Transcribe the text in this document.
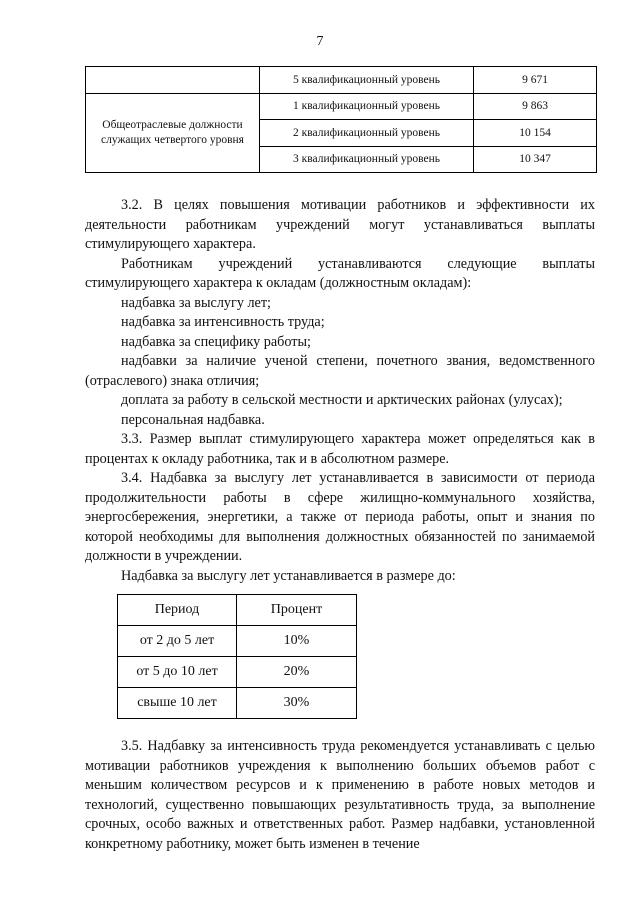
7
	5 квалификационный уровень	9 671
Общеотраслевые должности служащих четвертого уровня	1 квалификационный уровень	9 863
	2 квалификационный уровень	10 154
	3 квалификационный уровень	10 347

3.2. В целях повышения мотивации работников и эффективности их деятельности работникам учреждений могут устанавливаться выплаты стимулирующего характера.

Работникам учреждений устанавливаются следующие выплаты стимулирующего характера к окладам (должностным окладам):

надбавка за выслугу лет;

надбавка за интенсивность труда;

надбавка за специфику работы;

надбавки за наличие ученой степени, почетного звания, ведомственного (отраслевого) знака отличия;

доплата за работу в сельской местности и арктических районах (улусах);

персональная надбавка.

3.3. Размер выплат стимулирующего характера может определяться как в процентах к окладу работника, так и в абсолютном размере.

3.4. Надбавка за выслугу лет устанавливается в зависимости от периода продолжительности работы в сфере жилищно-коммунального хозяйства, энергосбережения, энергетики, а также от периода работы, опыт и знания по которой необходимы для выполнения должностных обязанностей по занимаемой должности в учреждении.

Надбавка за выслугу лет устанавливается в размере до:

Период	Процент
от 2 до 5 лет	10%
от 5 до 10 лет	20%
свыше 10 лет	30%

3.5. Надбавку за интенсивность труда рекомендуется устанавливать с целью мотивации работников учреждения к выполнению больших объемов работ с меньшим количеством ресурсов и к применению в работе новых методов и технологий, существенно повышающих результативность труда, за выполнение срочных, особо важных и ответственных работ. Размер надбавки, установленной конкретному работнику, может быть изменен в течение
